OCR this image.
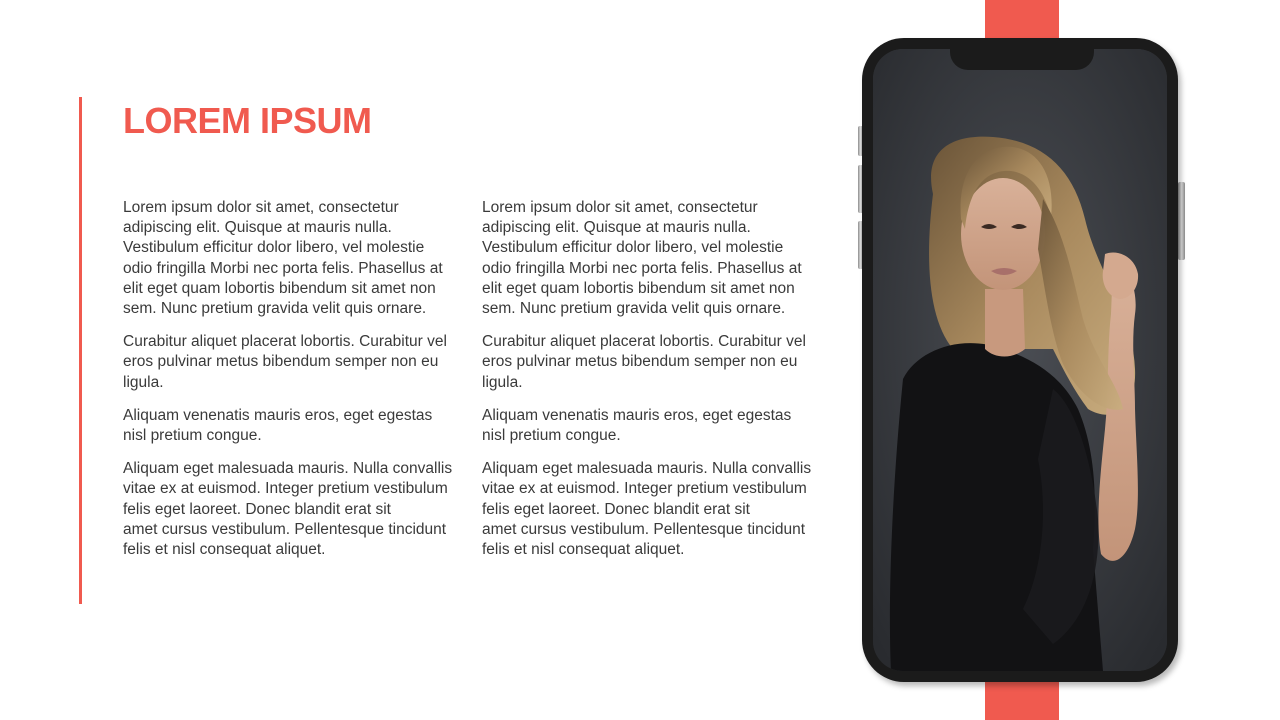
LOREM IPSUM

Lorem ipsum dolor sit amet, consectetur adipiscing elit. Quisque at mauris nulla. Vestibulum efficitur dolor libero, vel molestie odio fringilla Morbi nec porta felis. Phasellus at elit eget quam lobortis bibendum sit amet non sem. Nunc pretium gravida velit quis ornare.

Curabitur aliquet placerat lobortis. Curabitur vel eros pulvinar metus bibendum semper non eu ligula.

Aliquam venenatis mauris eros, eget egestas nisl pretium congue.

Aliquam eget malesuada mauris. Nulla convallis vitae ex at euismod. Integer pretium vestibulum felis eget laoreet. Donec blandit erat sit

amet cursus vestibulum. Pellentesque tincidunt felis et nisl consequat aliquet.

Lorem ipsum dolor sit amet, consectetur adipiscing elit. Quisque at mauris nulla. Vestibulum efficitur dolor libero, vel molestie odio fringilla Morbi nec porta felis. Phasellus at elit eget quam lobortis bibendum sit amet non sem. Nunc pretium gravida velit quis ornare.

Curabitur aliquet placerat lobortis. Curabitur vel eros pulvinar metus bibendum semper non eu ligula.

Aliquam venenatis mauris eros, eget egestas nisl pretium congue.

Aliquam eget malesuada mauris. Nulla convallis vitae ex at euismod. Integer pretium vestibulum felis eget laoreet. Donec blandit erat sit

amet cursus vestibulum. Pellentesque tincidunt felis et nisl consequat aliquet.
